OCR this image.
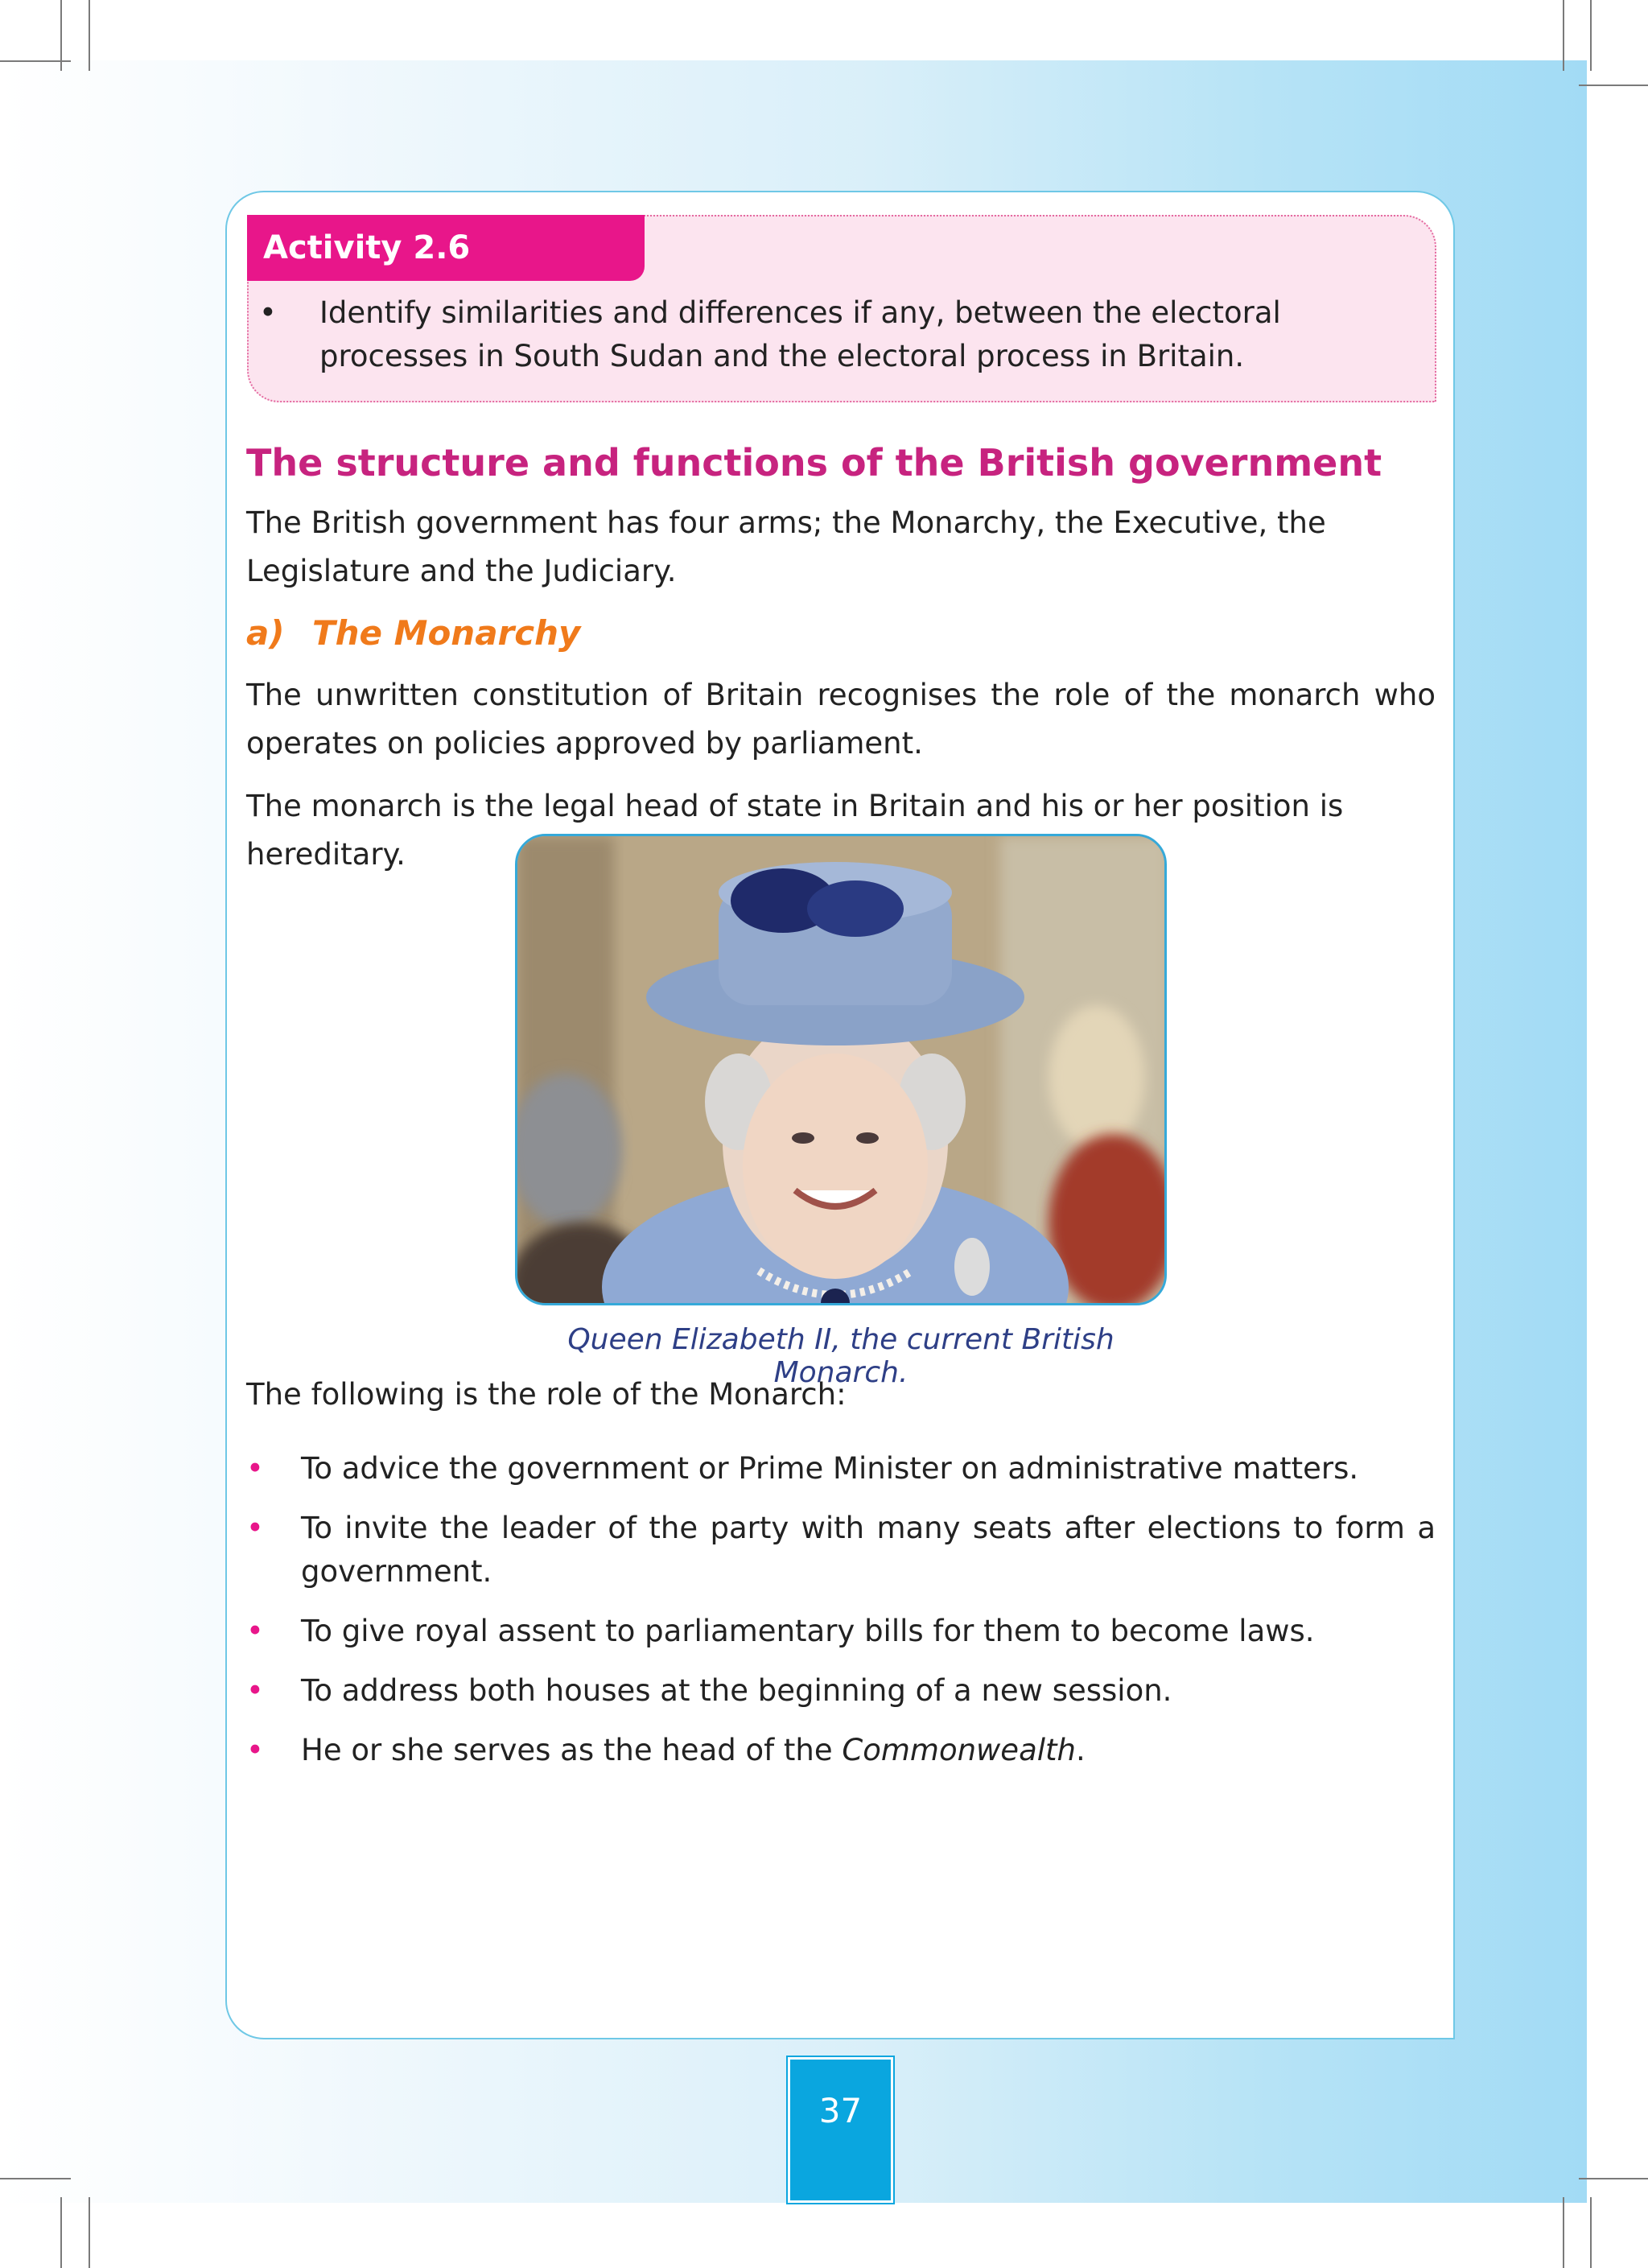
Activity 2.6
• Identify similarities and differences if any, between the electoral processes in South Sudan and the electoral process in Britain.
The structure and functions of the British government

The British government has four arms; the Monarchy, the Executive, the Legislature and the Judiciary.

a) The Monarchy

The unwritten constitution of Britain recognises the role of the monarch who operates on policies approved by parliament.

The monarch is the legal head of state in Britain and his or her position is hereditary.

Queen Elizabeth II, the current British Monarch.

The following is the role of the Monarch:

• To advice the government or Prime Minister on administrative matters.
• To invite the leader of the party with many seats after elections to form a government.
• To give royal assent to parliamentary bills for them to become laws.
• To address both houses at the beginning of a new session.
• He or she serves as the head of the Commonwealth.
37
